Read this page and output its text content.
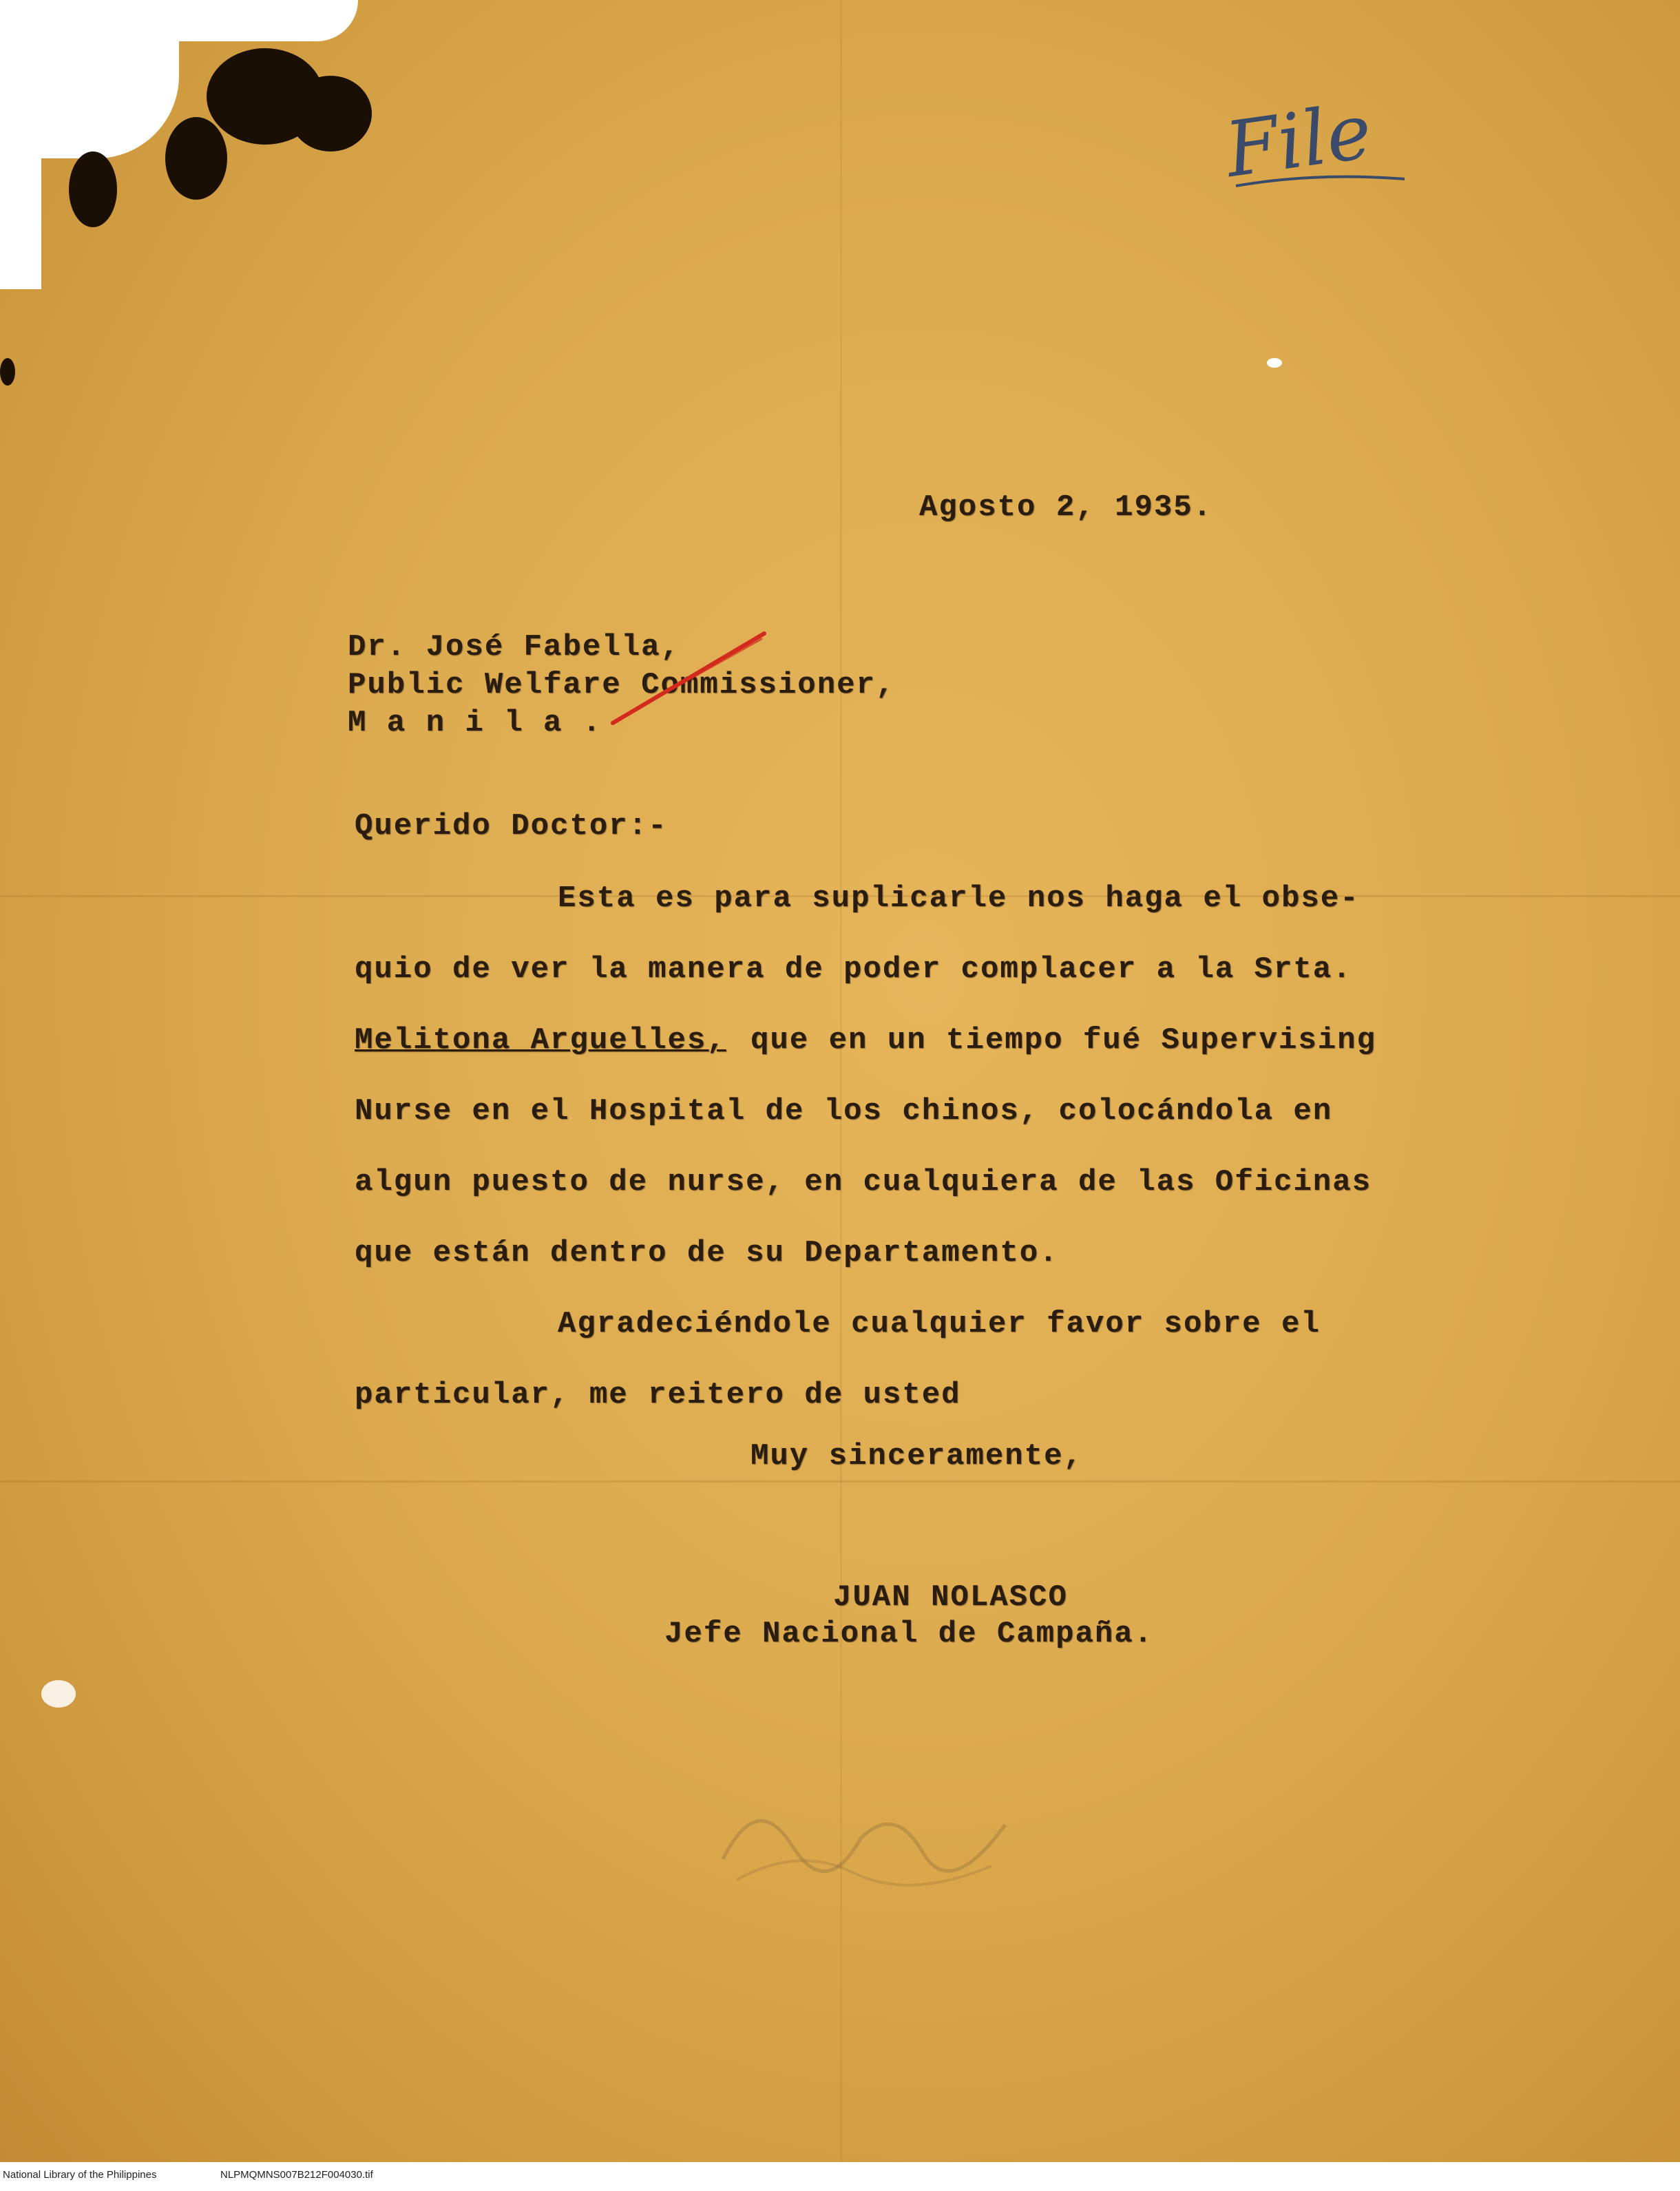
File
Agosto 2, 1935.
Dr. José Fabella,
Public Welfare Commissioner,
M a n i l a .
Querido Doctor:-
Esta es para suplicarle nos haga el obse-
quio de ver la manera de poder complacer a la Srta.
Melitona Arguelles, que en un tiempo fué Supervising
Nurse en el Hospital de los chinos, colocándola en
algun puesto de nurse, en cualquiera de las Oficinas
que están dentro de su Departamento.
Agradeciéndole cualquier favor sobre el
particular, me reitero de usted
Muy sinceramente,
JUAN NOLASCO
Jefe Nacional de Campaña.
National Library of the Philippines	NLPMQMNS007B212F004030.tif
